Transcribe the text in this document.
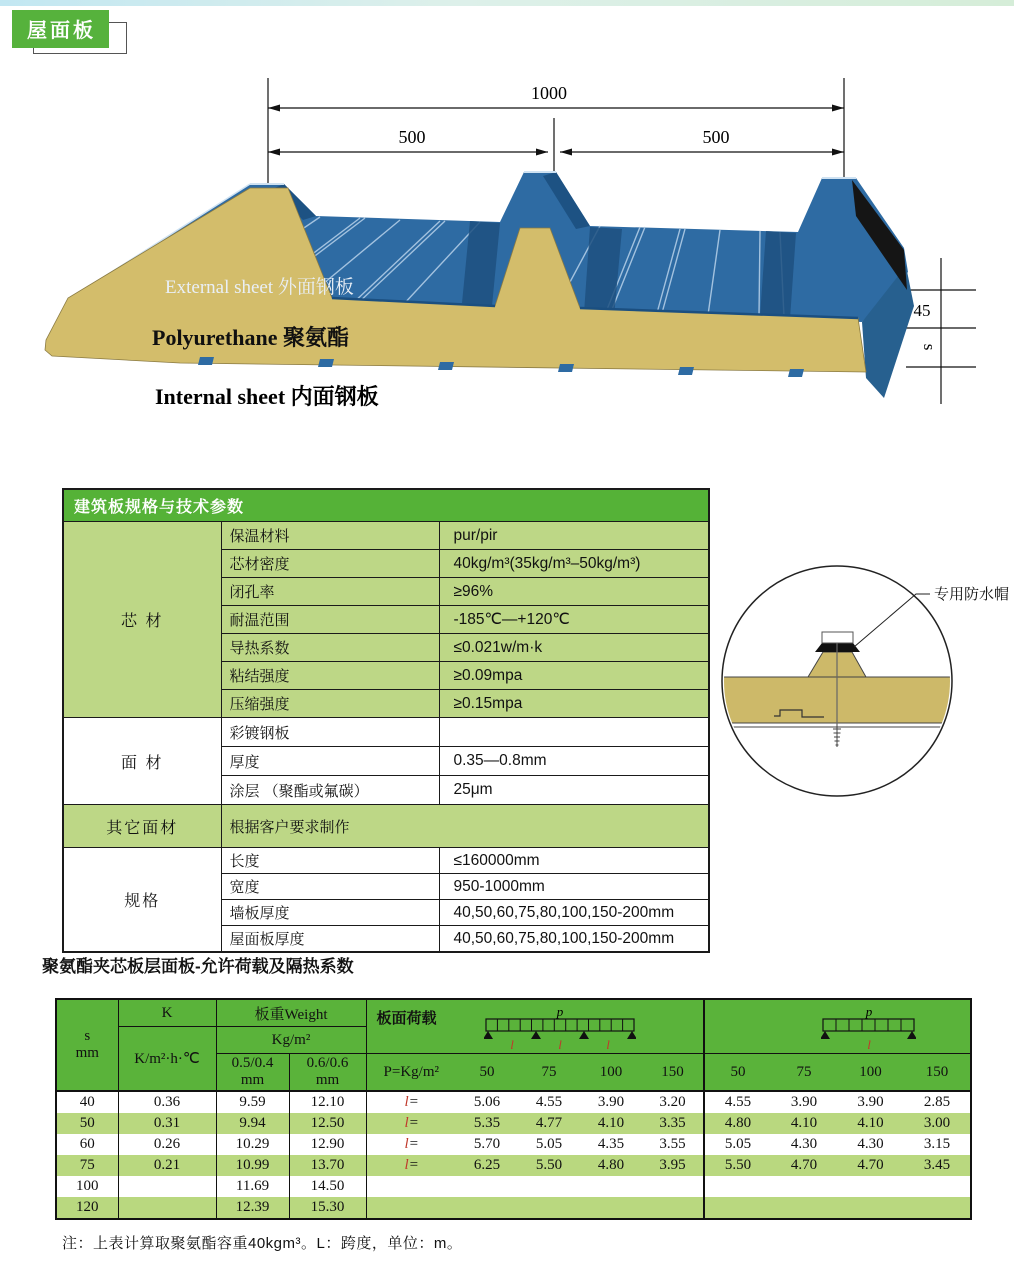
屋面板
1000
500	500
45
s
External sheet 外面钢板
Polyurethane 聚氨酯
Internal sheet 内面钢板
建筑板规格与技术参数		
芯 材	保温材料	pur/pir
	芯材密度	40kg/m³(35kg/m³–50kg/m³)
	闭孔率	≥96%
	耐温范围	-185℃—+120℃
	导热系数	≤0.021w/m·k
	粘结强度	≥0.09mpa
	压缩强度	≥0.15mpa
面 材	彩镀钢板	
	厚度	0.35—0.8mm
	涂层 （聚酯或氟碳）	25μm
其它面材	根据客户要求制作	
规格	长度	≤160000mm
	宽度	950-1000mm
	墙板厚度	40,50,60,75,80,100,150-200mm
	屋面板厚度	40,50,60,75,80,100,150-200mm
专用防水帽
聚氨酯夹芯板层面板-允许荷载及隔热系数
s
mm
	K	板重Weight	板面荷载	p
l	l	l

p
l

	K/m²·h·℃	Kg/m²										

0.5/0.4
mm

0.6/0.6
mm
	P=Kg/m²	50	75	100	150	50	75	100	150
40	0.36	9.59	12.10	l=	5.06	4.55	3.90	3.20	4.55	3.90	3.90	2.85
50	0.31	9.94	12.50	l=	5.35	4.77	4.10	3.35	4.80	4.10	4.10	3.00
60	0.26	10.29	12.90	l=	5.70	5.05	4.35	3.55	5.05	4.30	4.30	3.15
75	0.21	10.99	13.70	l=	6.25	5.50	4.80	3.95	5.50	4.70	4.70	3.45
100		11.69	14.50									
120		12.39	15.30									
注：上表计算取聚氨酯容重40kgm³。L：跨度，单位：m。
